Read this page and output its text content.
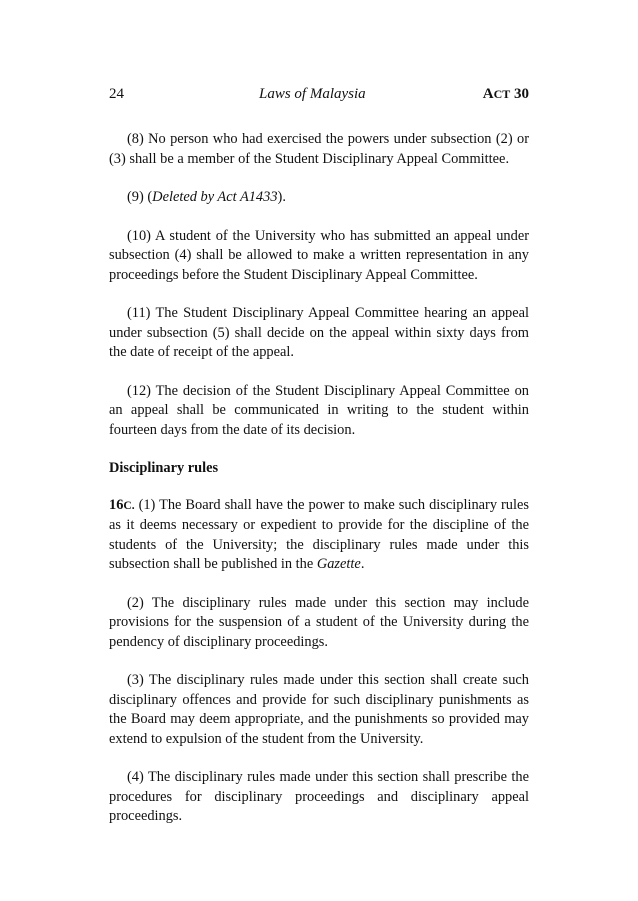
24	Laws of Malaysia	ACT 30

(8) No person who had exercised the powers under subsection (2) or (3) shall be a member of the Student Disciplinary Appeal Committee.

(9) (Deleted by Act A1433).

(10) A student of the University who has submitted an appeal under subsection (4) shall be allowed to make a written representation in any proceedings before the Student Disciplinary Appeal Committee.

(11) The Student Disciplinary Appeal Committee hearing an appeal under subsection (5) shall decide on the appeal within sixty days from the date of receipt of the appeal.

(12) The decision of the Student Disciplinary Appeal Committee on an appeal shall be communicated in writing to the student within fourteen days from the date of its decision.

Disciplinary rules

16C. (1) The Board shall have the power to make such disciplinary rules as it deems necessary or expedient to provide for the discipline of the students of the University; the disciplinary rules made under this subsection shall be published in the Gazette.

(2) The disciplinary rules made under this section may include provisions for the suspension of a student of the University during the pendency of disciplinary proceedings.

(3) The disciplinary rules made under this section shall create such disciplinary offences and provide for such disciplinary punishments as the Board may deem appropriate, and the punishments so provided may extend to expulsion of the student from the University.

(4) The disciplinary rules made under this section shall prescribe the procedures for disciplinary proceedings and disciplinary appeal proceedings.
